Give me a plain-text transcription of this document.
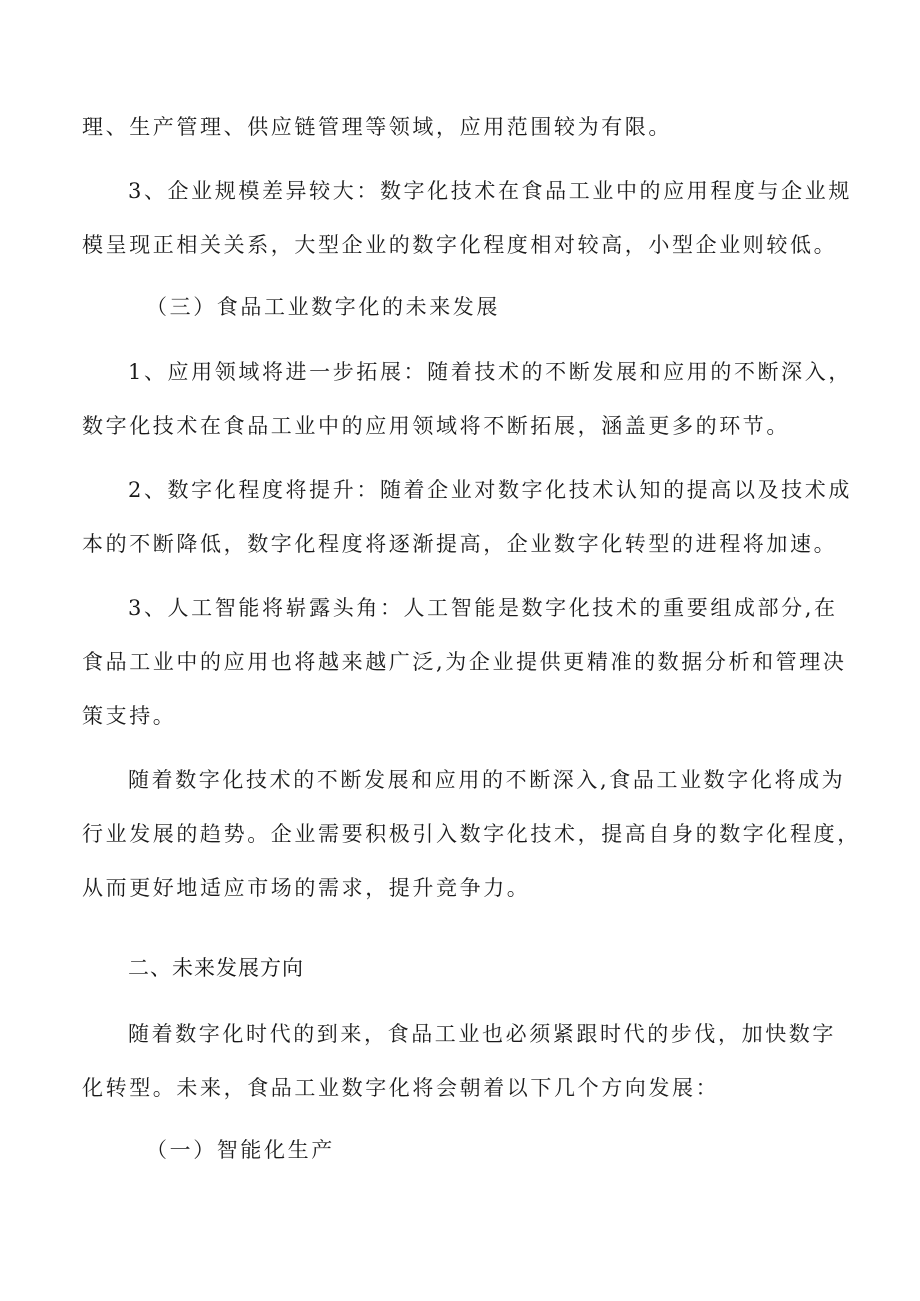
理、生产管理、供应链管理等领域，应用范围较为有限。
3、企业规模差异较大：数字化技术在食品工业中的应用程度与企业规
模呈现正相关关系，大型企业的数字化程度相对较高，小型企业则较低。
（三）食品工业数字化的未来发展
1、应用领域将进一步拓展：随着技术的不断发展和应用的不断深入，
数字化技术在食品工业中的应用领域将不断拓展，涵盖更多的环节。
2、数字化程度将提升：随着企业对数字化技术认知的提高以及技术成
本的不断降低，数字化程度将逐渐提高，企业数字化转型的进程将加速。
3、人工智能将崭露头角：人工智能是数字化技术的重要组成部分,在
食品工业中的应用也将越来越广泛,为企业提供更精准的数据分析和管理决
策支持。
随着数字化技术的不断发展和应用的不断深入,食品工业数字化将成为
行业发展的趋势。企业需要积极引入数字化技术，提高自身的数字化程度，
从而更好地适应市场的需求，提升竞争力。
二、未来发展方向
随着数字化时代的到来，食品工业也必须紧跟时代的步伐，加快数字
化转型。未来，食品工业数字化将会朝着以下几个方向发展：
（一）智能化生产
